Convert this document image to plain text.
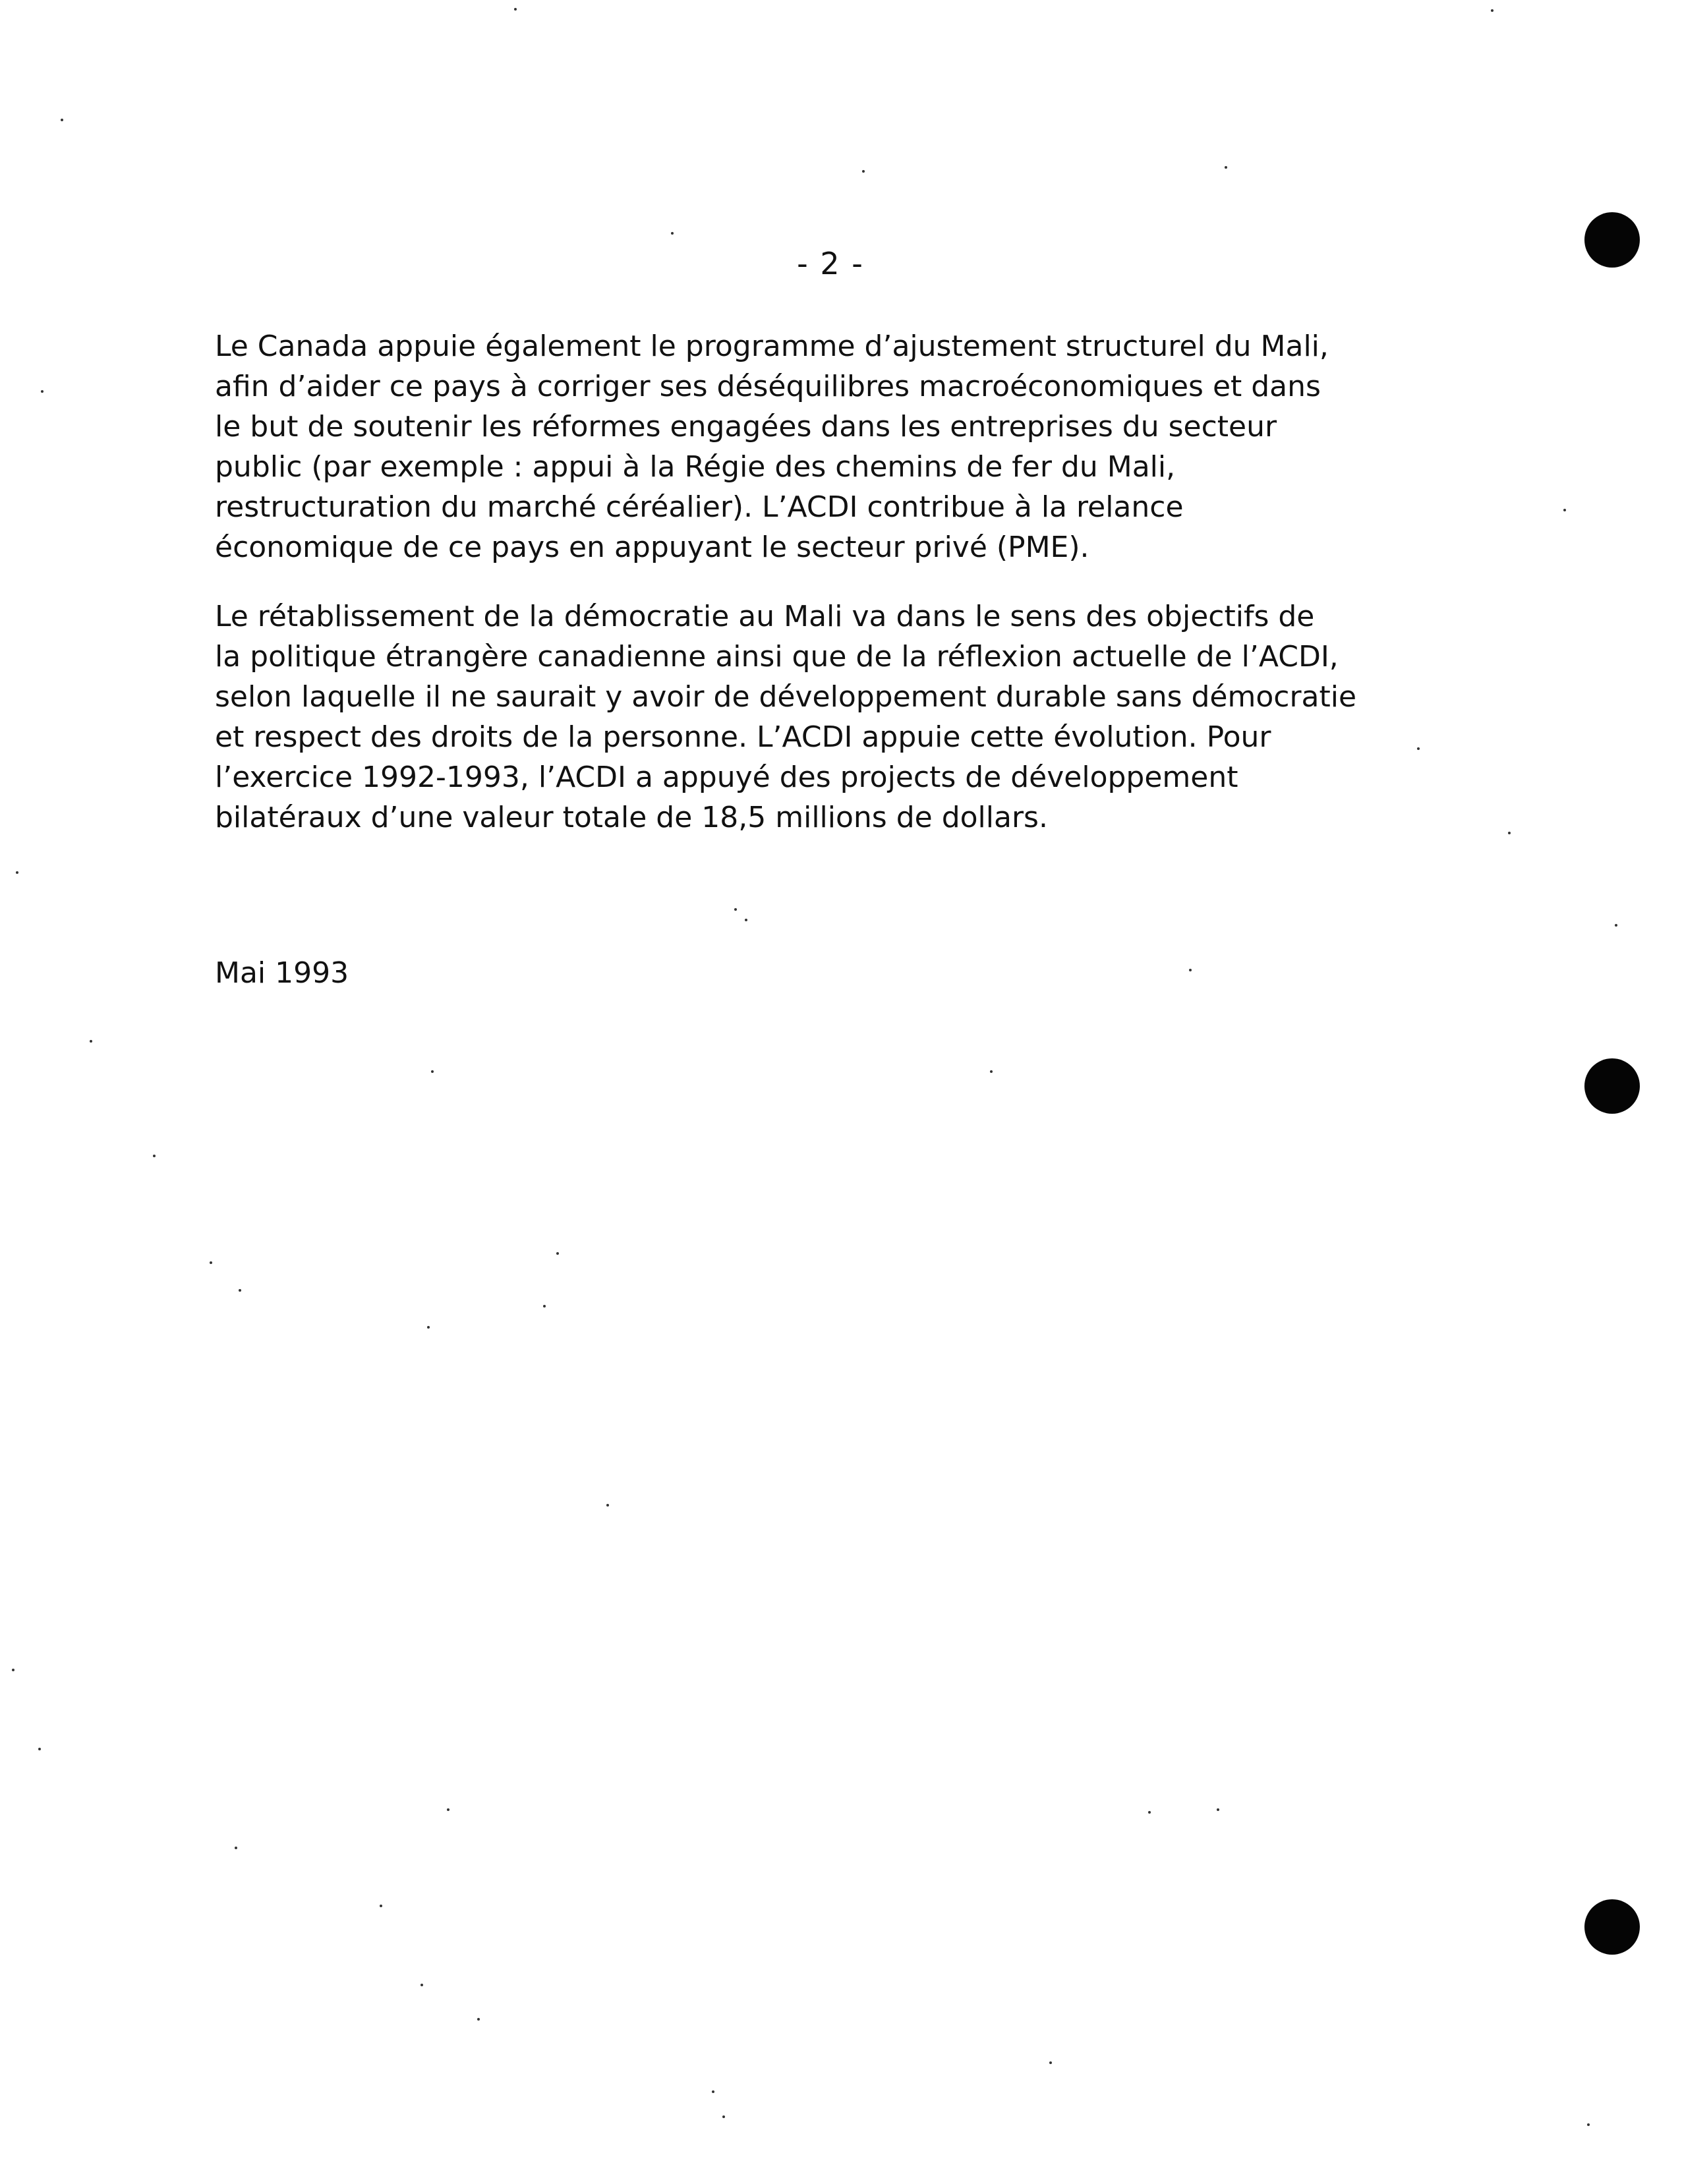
- 2 -

Le Canada appuie également le programme d’ajustement structurel du Mali,
afin d’aider ce pays à corriger ses déséquilibres macroéconomiques et dans
le but de soutenir les réformes engagées dans les entreprises du secteur
public (par exemple : appui à la Régie des chemins de fer du Mali,
restructuration du marché céréalier). L’ACDI contribue à la relance
économique de ce pays en appuyant le secteur privé (PME).

Le rétablissement de la démocratie au Mali va dans le sens des objectifs de
la politique étrangère canadienne ainsi que de la réflexion actuelle de l’ACDI,
selon laquelle il ne saurait y avoir de développement durable sans démocratie
et respect des droits de la personne. L’ACDI appuie cette évolution. Pour
l’exercice 1992-1993, l’ACDI a appuyé des projects de développement
bilatéraux d’une valeur totale de 18,5 millions de dollars.

Mai 1993
